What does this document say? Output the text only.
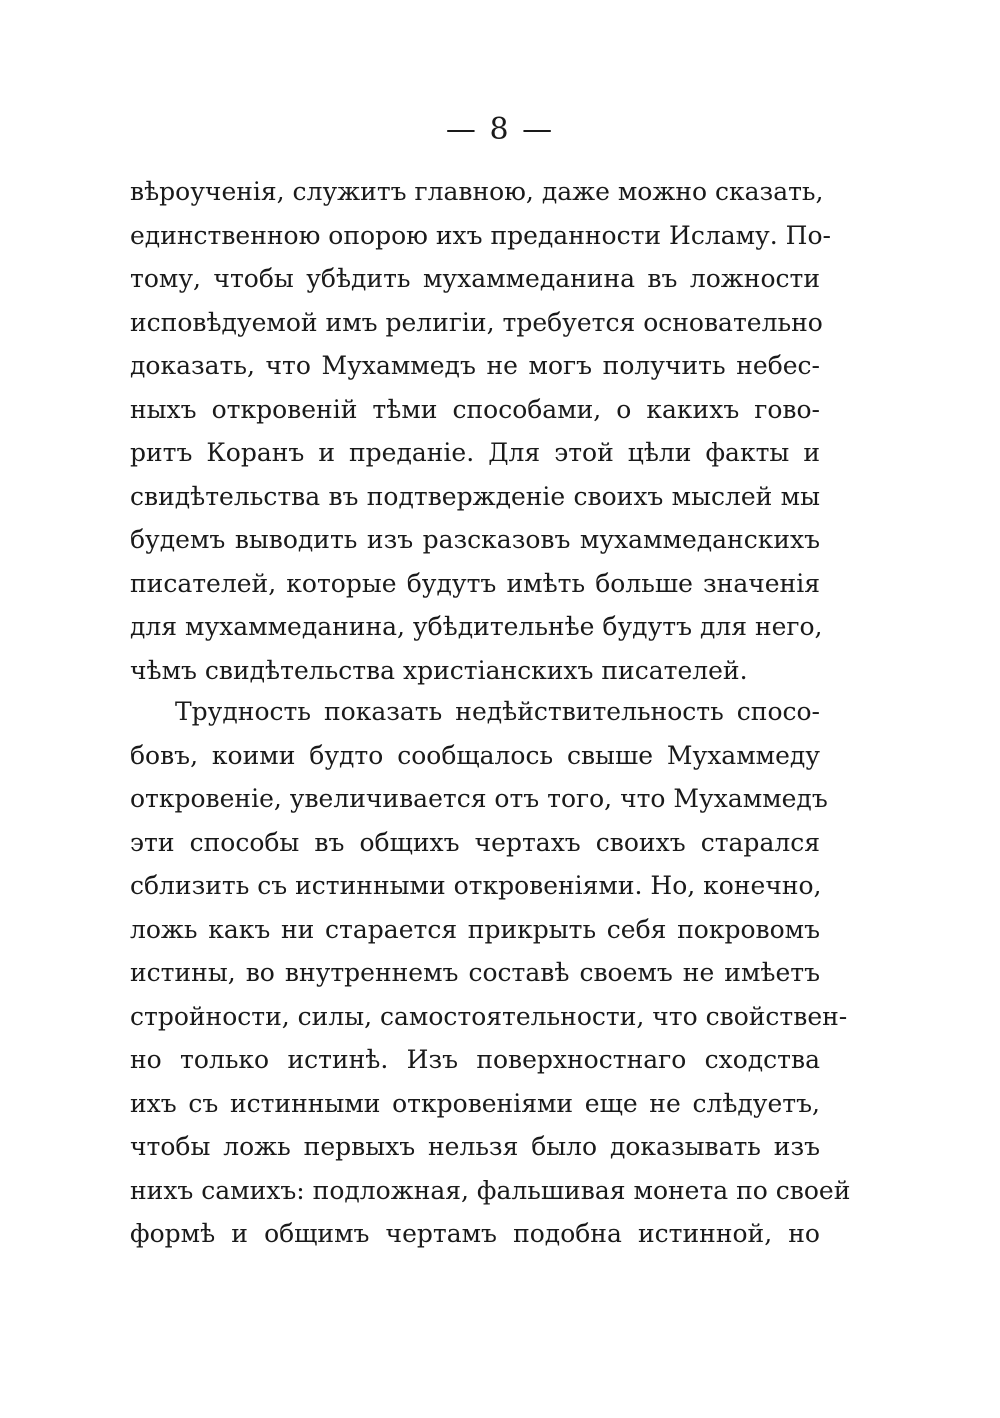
— 8 —
вѣроученія, служитъ главною, даже можно сказать,
единственною опорою ихъ преданности Исламу. По-
тому, чтобы убѣдить мухаммеданина въ ложности
исповѣдуемой имъ религіи, требуется основательно
доказать, что Мухаммедъ не могъ получить небес-
ныхъ откровеній тѣми способами, о какихъ гово-
ритъ Коранъ и преданіе. Для этой цѣли факты и
свидѣтельства въ подтвержденіе своихъ мыслей мы
будемъ выводить изъ разсказовъ мухаммеданскихъ
писателей, которые будутъ имѣть больше значенія
для мухаммеданина, убѣдительнѣе будутъ для него,
чѣмъ свидѣтельства христіанскихъ писателей.
Трудность показать недѣйствительность спосо-
бовъ, коими будто сообщалось свыше Мухаммеду
откровеніе, увеличивается отъ того, что Мухаммедъ
эти способы въ общихъ чертахъ своихъ старался
сблизить съ истинными откровеніями. Но, конечно,
ложь какъ ни старается прикрыть себя покровомъ
истины, во внутреннемъ составѣ своемъ не имѣетъ
стройности, силы, самостоятельности, что свойствен-
но только истинѣ. Изъ поверхностнаго сходства
ихъ съ истинными откровеніями еще не слѣдуетъ,
чтобы ложь первыхъ нельзя было доказывать изъ
нихъ самихъ: подложная, фальшивая монета по своей
формѣ и общимъ чертамъ подобна истинной, но
